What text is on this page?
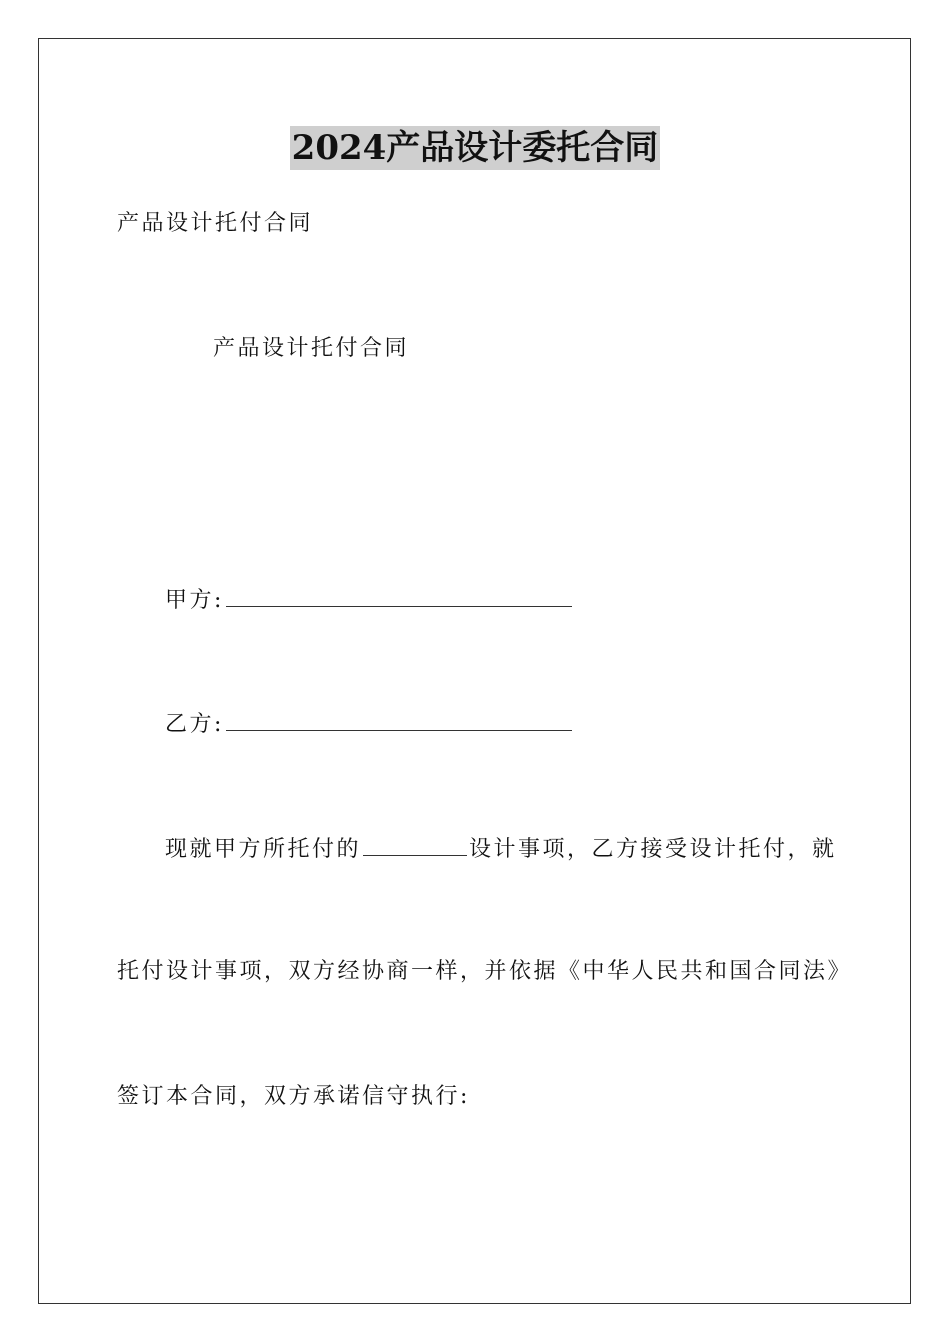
2024产品设计委托合同
产品设计托付合同
产品设计托付合同
甲方:
乙方:
现就甲方所托付的	设计事项，乙方接受设计托付，就
托付设计事项，双方经协商一样，并依据《中华人民共和国合同法》
签订本合同，双方承诺信守执行:
